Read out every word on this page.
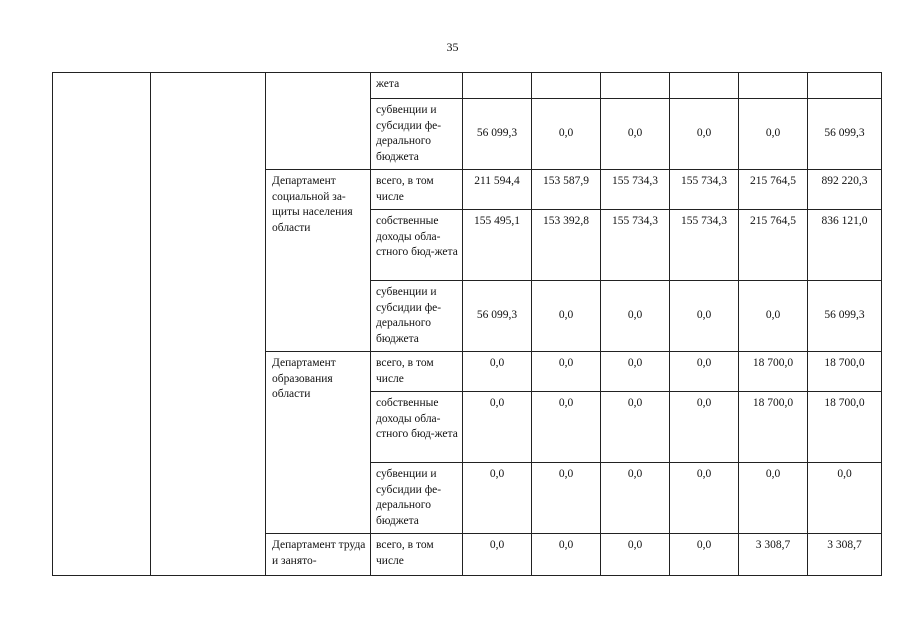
35

			жета						

			субвенции и субсидии фе-дерального бюджета	56 099,3	0,0	0,0	0,0	0,0	56 099,3

		Департамент социальной за-щиты населения области	всего, в том числе	211 594,4	153 587,9	155 734,3	155 734,3	215 764,5	892 220,3

			собственные доходы обла-стного бюд-жета	155 495,1	153 392,8	155 734,3	155 734,3	215 764,5	836 121,0

			субвенции и субсидии фе-дерального бюджета	56 099,3	0,0	0,0	0,0	0,0	56 099,3

		Департамент образования области	всего, в том числе	0,0	0,0	0,0	0,0	18 700,0	18 700,0

			собственные доходы обла-стного бюд-жета	0,0	0,0	0,0	0,0	18 700,0	18 700,0

			субвенции и субсидии фе-дерального бюджета	0,0	0,0	0,0	0,0	0,0	0,0

		Департамент труда и занято-	всего, в том числе	0,0	0,0	0,0	0,0	3 308,7	3 308,7
